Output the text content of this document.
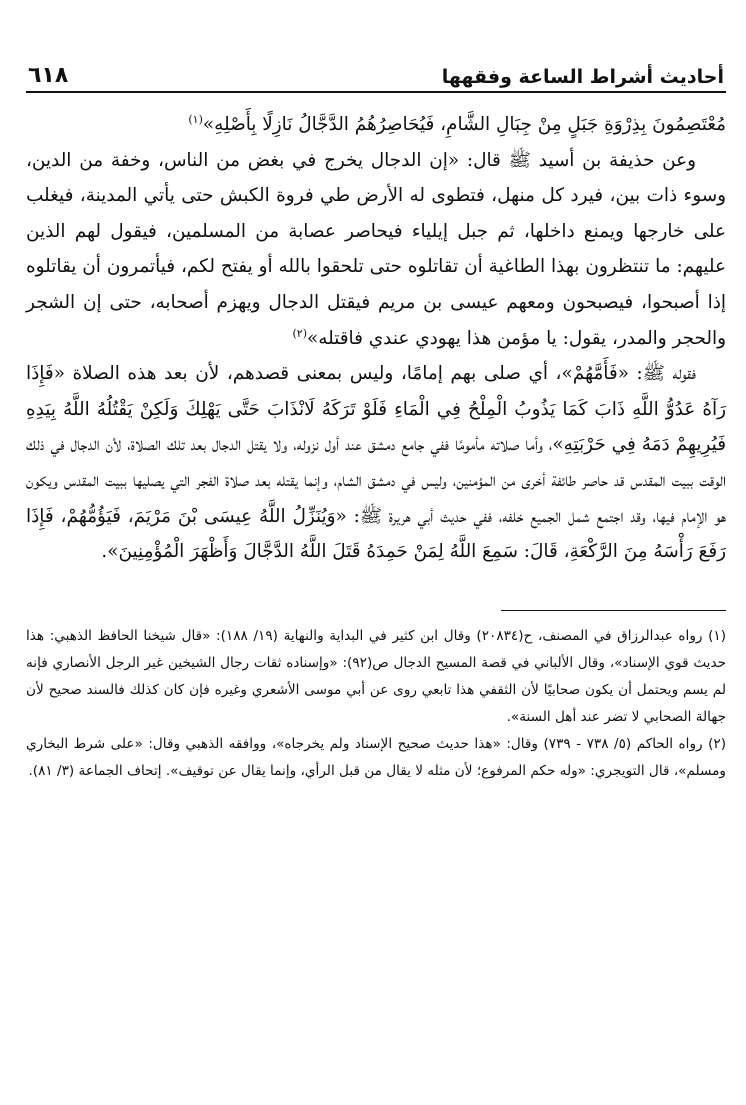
أحاديث أشراط الساعة وفقهها
٦١٨

مُعْتَصِمُونَ بِذِرْوَةِ جَبَلٍ مِنْ جِبَالِ الشَّامِ، فَيُحَاصِرُهُمُ الدَّجَّالُ نَازِلًا بِأَصْلِهِ»$^{(١)}$

وعن حذيفة بن أسيد ﷺ قال: «إن الدجال يخرج في بغض من الناس، وخفة من الدين، وسوء ذات بين، فيرد كل منهل، فتطوى له الأرض طي فروة الكبش حتى يأتي المدينة، فيغلب على خارجها ويمنع داخلها، ثم جبل إيلياء فيحاصر عصابة من المسلمين، فيقول لهم الذين عليهم: ما تنتظرون بهذا الطاغية أن تقاتلوه حتى تلحقوا بالله أو يفتح لكم، فيأتمرون أن يقاتلوه إذا أصبحوا، فيصبحون ومعهم عيسى بن مريم فيقتل الدجال ويهزم أصحابه، حتى إن الشجر والحجر والمدر، يقول: يا مؤمن هذا يهودي عندي فاقتله»$^{(٢)}$

فقوله ﷺ: «فَأَمَّهُمْ»، أي صلى بهم إمامًا، وليس بمعنى قصدهم، لأن بعد هذه الصلاة «فَإِذَا رَآهُ عَدُوُّ اللَّهِ ذَابَ كَمَا يَذُوبُ الْمِلْحُ فِي الْمَاءِ فَلَوْ تَرَكَهُ لَانْذَابَ حَتَّى يَهْلِكَ وَلَكِنْ يَقْتُلُهُ اللَّهُ بِيَدِهِ فَيُرِيهِمْ دَمَهُ فِي حَرْبَتِهِ»، وأما صلاته مأمومًا ففي جامع دمشق عند أول نزوله، ولا يقتل الدجال بعد تلك الصلاة، لأن الدجال في ذلك الوقت ببيت المقدس قد حاصر طائفة أخرى من المؤمنين، وليس في دمشق الشام، وإنما يقتله بعد صلاة الفجر التي يصليها ببيت المقدس ويكون هو الإمام فيها، وقد اجتمع شمل الجميع خلفه، ففي حديث أبي هريرة ﷺ: «وَيُنَزِّلُ اللَّهُ عِيسَى بْنَ مَرْيَمَ، فَيَؤُمُّهُمْ، فَإِذَا رَفَعَ رَأْسَهُ مِنَ الرَّكْعَةِ، قَالَ: سَمِعَ اللَّهُ لِمَنْ حَمِدَهُ قَتَلَ اللَّهُ الدَّجَّالَ وَأَظْهَرَ الْمُؤْمِنِينَ».

(١) رواه عبدالرزاق في المصنف، ح(٢٠٨٣٤) وقال ابن كثير في البداية والنهاية (١٩/ ١٨٨): «قال شيخنا الحافظ الذهبي: هذا حديث قوي الإسناد»، وقال الألباني في قصة المسيح الدجال ص(٩٢): «وإسناده ثقات رجال الشيخين غير الرجل الأنصاري فإنه لم يسم ويحتمل أن يكون صحابيًا لأن الثقفي هذا تابعي روى عن أبي موسى الأشعري وغيره فإن كان كذلك فالسند صحيح لأن جهالة الصحابي لا تضر عند أهل السنة».

(٢) رواه الحاكم (٥/ ٧٣٨ - ٧٣٩) وقال: «هذا حديث صحيح الإسناد ولم يخرجاه»، ووافقه الذهبي وقال: «على شرط البخاري ومسلم»، قال التويجري: «وله حكم المرفوع؛ لأن مثله لا يقال من قبل الرأي، وإنما يقال عن توقيف». إتحاف الجماعة (٣/ ٨١).
